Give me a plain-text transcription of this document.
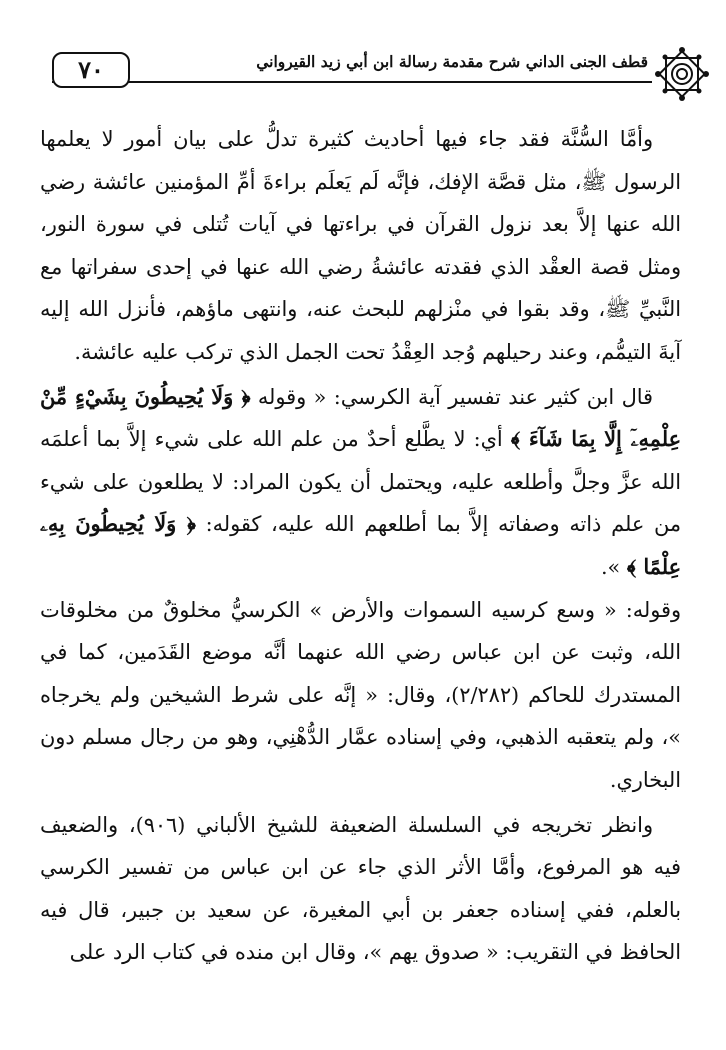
٧٠	قطف الجنى الداني شرح مقدمة رسالة ابن أبي زيد القيرواني

وأمَّا السُّنَّة فقد جاء فيها أحاديث كثيرة تدلُّ على بيان أمور لا يعلمها الرسول ﷺ، مثل قصَّة الإفك، فإنَّه لَم يَعلَم براءةَ أمِّ المؤمنين عائشة رضي الله عنها إلاَّ بعد نزول القرآن في براءتها في آيات تُتلى في سورة النور، ومثل قصة العقْد الذي فقدته عائشةُ رضي الله عنها في إحدى سفراتها مع النَّبيِّ ﷺ، وقد بقوا في منْزلهم للبحث عنه، وانتهى ماؤهم، فأنزل الله إليه آيةَ التيمُّم، وعند رحيلهم وُجد العِقْدُ تحت الجمل الذي تركب عليه عائشة.

قال ابن كثير عند تفسير آية الكرسي: « وقوله ﴿ وَلَا يُحِيطُونَ بِشَيْءٍ مِّنْ عِلْمِهِۦٓ إِلَّا بِمَا شَآءَ ﴾ أي: لا يطَّلع أحدٌ من علم الله على شيء إلاَّ بما أعلمَه الله عزَّ وجلَّ وأطلعه عليه، ويحتمل أن يكون المراد: لا يطلعون على شيء من علم ذاته وصفاته إلاَّ بما أطلعهم الله عليه، كقوله: ﴿ وَلَا يُحِيطُونَ بِهِۦ عِلْمًا ﴾ ».

وقوله: « وسع كرسيه السموات والأرض » الكرسيُّ مخلوقٌ من مخلوقات الله، وثبت عن ابن عباس رضي الله عنهما أنَّه موضع القَدَمين، كما في المستدرك للحاكم (٢/٢٨٢)، وقال: « إنَّه على شرط الشيخين ولم يخرجاه »، ولم يتعقبه الذهبي، وفي إسناده عمَّار الدُّهْنِي، وهو من رجال مسلم دون البخاري.

وانظر تخريجه في السلسلة الضعيفة للشيخ الألباني (٩٠٦)، والضعيف فيه هو المرفوع، وأمَّا الأثر الذي جاء عن ابن عباس من تفسير الكرسي بالعلم، ففي إسناده جعفر بن أبي المغيرة، عن سعيد بن جبير، قال فيه الحافظ في التقريب: « صدوق يهم »، وقال ابن منده في كتاب الرد على
